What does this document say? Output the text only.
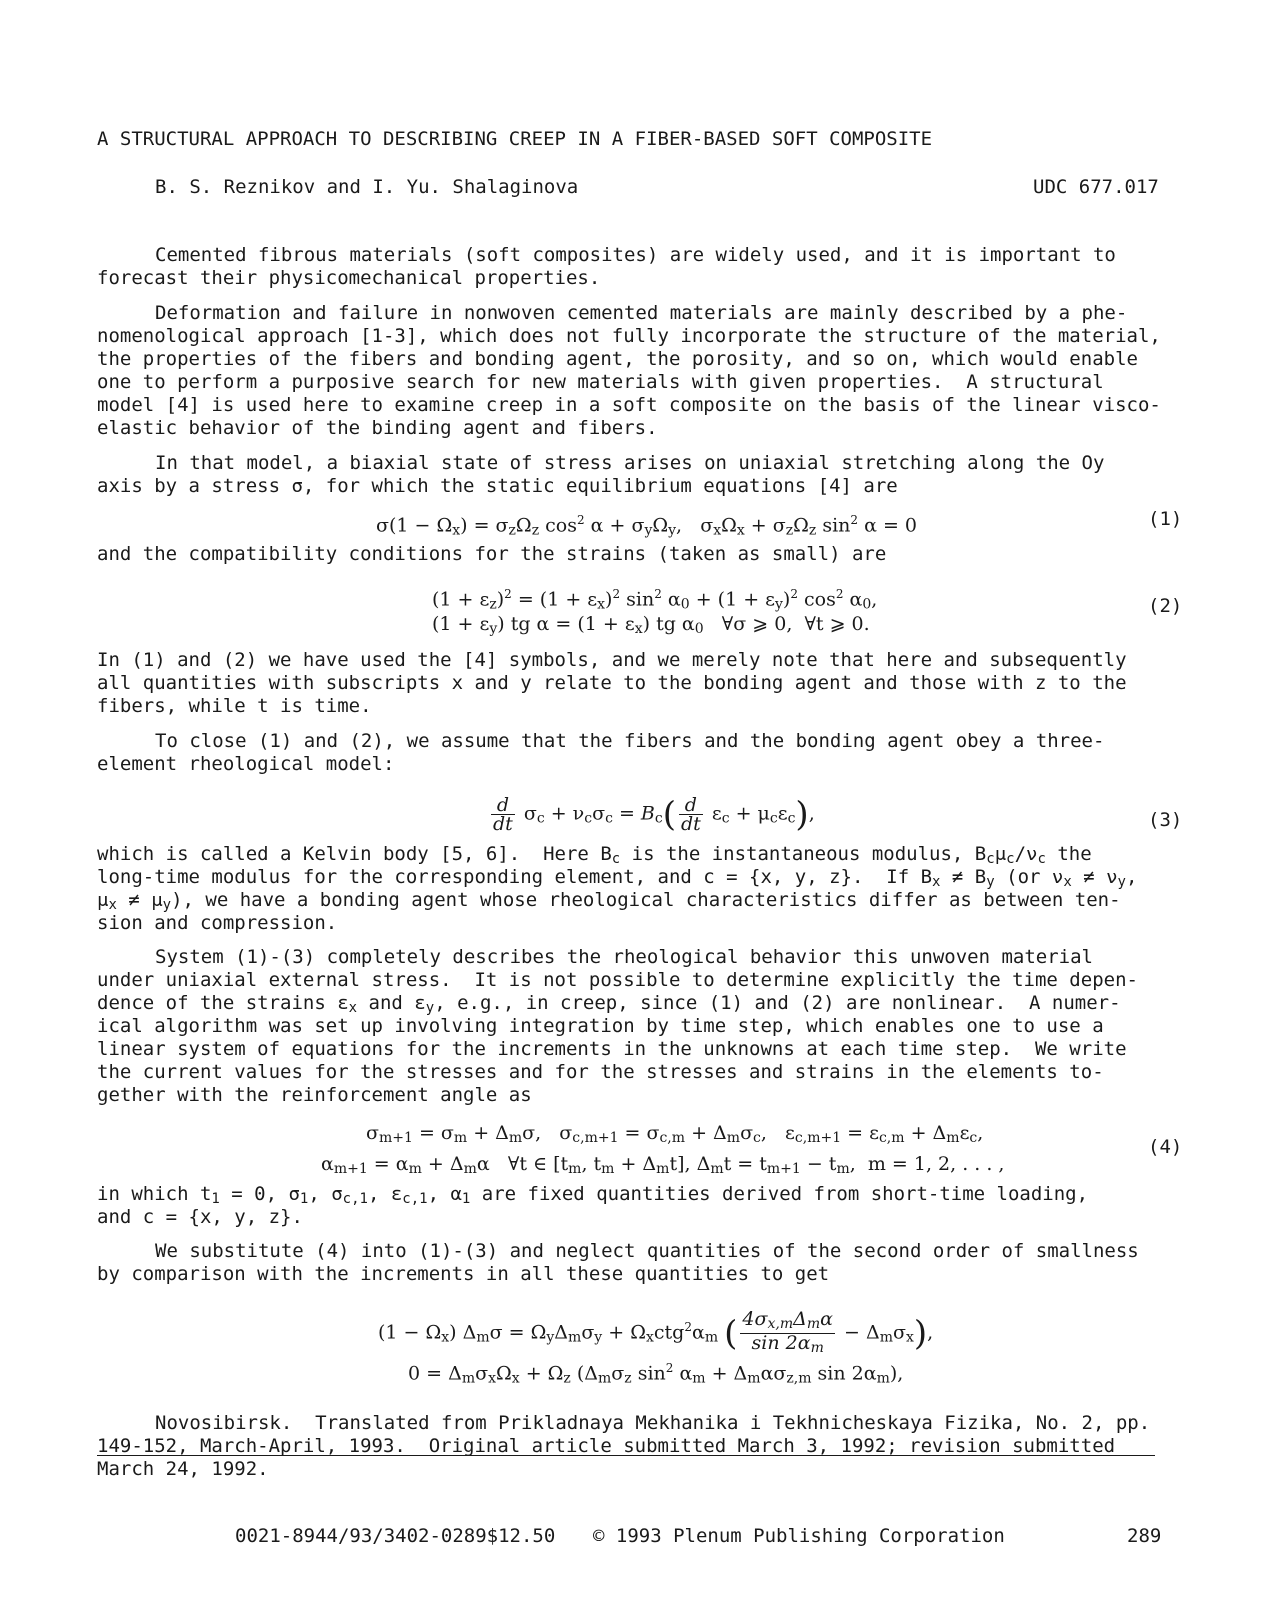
A STRUCTURAL APPROACH TO DESCRIBING CREEP IN A FIBER-BASED SOFT COMPOSITE
B. S. Reznikov and I. Yu. Shalaginova	UDC 677.017
Cemented fibrous materials (soft composites) are widely used, and it is important to
forecast their physicomechanical properties.
Deformation and failure in nonwoven cemented materials are mainly described by a phe-
nomenological approach [1-3], which does not fully incorporate the structure of the material,
the properties of the fibers and bonding agent, the porosity, and so on, which would enable
one to perform a purposive search for new materials with given properties.  A structural
model [4] is used here to examine creep in a soft composite on the basis of the linear visco-
elastic behavior of the binding agent and fibers.
In that model, a biaxial state of stress arises on uniaxial stretching along the Oy
axis by a stress σ, for which the static equilibrium equations [4] are
$\sigma(1 - \Omega_x) = \sigma_z\Omega_z$ $\cos^2 \alpha + \sigma_y\Omega_y$,   $\sigma_x\Omega_x + \sigma_z\Omega_z$ $\sin^2 \alpha = 0$	(1)
and the compatibility conditions for the strains (taken as small) are
$(1 + \varepsilon_z)^2 = (1 + \varepsilon_x)^2$ $\sin^2 \alpha_0 + (1 + \varepsilon_y)^2$ $\cos^2 \alpha_0$,
$(1 + \varepsilon_y)$ tg $\alpha = (1 + \varepsilon_x)$ tg $\alpha_0$   ∀σ ⩾ 0,  ∀t ⩾ 0.
(2)
In (1) and (2) we have used the [4] symbols, and we merely note that here and subsequently
all quantities with subscripts x and y relate to the bonding agent and those with z to the
fibers, while t is time.
To close (1) and (2), we assume that the fibers and the bonding agent obey a three-
element rheological model:
$\frac{d}{dt} \sigma_c + \nu_c\sigma_c = B_c( \frac{d}{dt} \varepsilon_c + \mu_c\varepsilon_c)$,	(3)
which is called a Kelvin body [5, 6].  Here $B_c$ is the instantaneous modulus, $B_c\mu_c/\nu_c$ the
long-time modulus for the corresponding element, and c = {x, y, z}.  If $B_x \ne B_y$ (or $\nu_x \ne \nu_y$,
$\mu_x \ne \mu_y$), we have a bonding agent whose rheological characteristics differ as between ten-
sion and compression.
System (1)-(3) completely describes the rheological behavior this unwoven material
under uniaxial external stress.  It is not possible to determine explicitly the time depen-
dence of the strains $\varepsilon_x$ and $\varepsilon_y$, e.g., in creep, since (1) and (2) are nonlinear.  A numer-
ical algorithm was set up involving integration by time step, which enables one to use a
linear system of equations for the increments in the unknowns at each time step.  We write
the current values for the stresses and for the stresses and strains in the elements to-
gether with the reinforcement angle as
$\sigma_{m+1} = \sigma_m + \Delta_m\sigma$,   $\sigma_{c,m+1} = \sigma_{c,m} + \Delta_m\sigma_c$,   $\varepsilon_{c,m+1} = \varepsilon_{c,m} + \Delta_m\varepsilon_c$,
$\alpha_{m+1} = \alpha_m + \Delta_m\alpha$   ∀t ∈ [$t_m$, $t_m + \Delta_mt$], $\Delta_mt = t_{m+1} - t_m$,  m = 1, 2, . . . ,
(4)
in which $t_1 = 0$, $\sigma_1$, $\sigma_{c,1}$, $\varepsilon_{c,1}$, $\alpha_1$ are fixed quantities derived from short-time loading,
and c = {x, y, z}.
We substitute (4) into (1)-(3) and neglect quantities of the second order of smallness
by comparison with the increments in all these quantities to get
$(1 - \Omega_x)$ $\Delta_m\sigma = \Omega_y\Delta_m\sigma_y + \Omega_xctg^2\alpha_m$ ( $\frac{4\sigma_{x,m}\Delta_m\alpha}{\sin 2\alpha_m} - \Delta_m\sigma_x$),
$0 = \Delta_m\sigma_x\Omega_x + \Omega_z$ ($\Delta_m\sigma_z$ $\sin^2 \alpha_m + \Delta_m\alpha\sigma_{z,m}$ $\sin 2\alpha_m$),
Novosibirsk.  Translated from Prikladnaya Mekhanika i Tekhnicheskaya Fizika, No. 2, pp.
149-152, March-April, 1993.  Original article submitted March 3, 1992; revision submitted
March 24, 1992.
0021-8944/93/3402-0289$12.50 © 1993 Plenum Publishing Corporation	289
